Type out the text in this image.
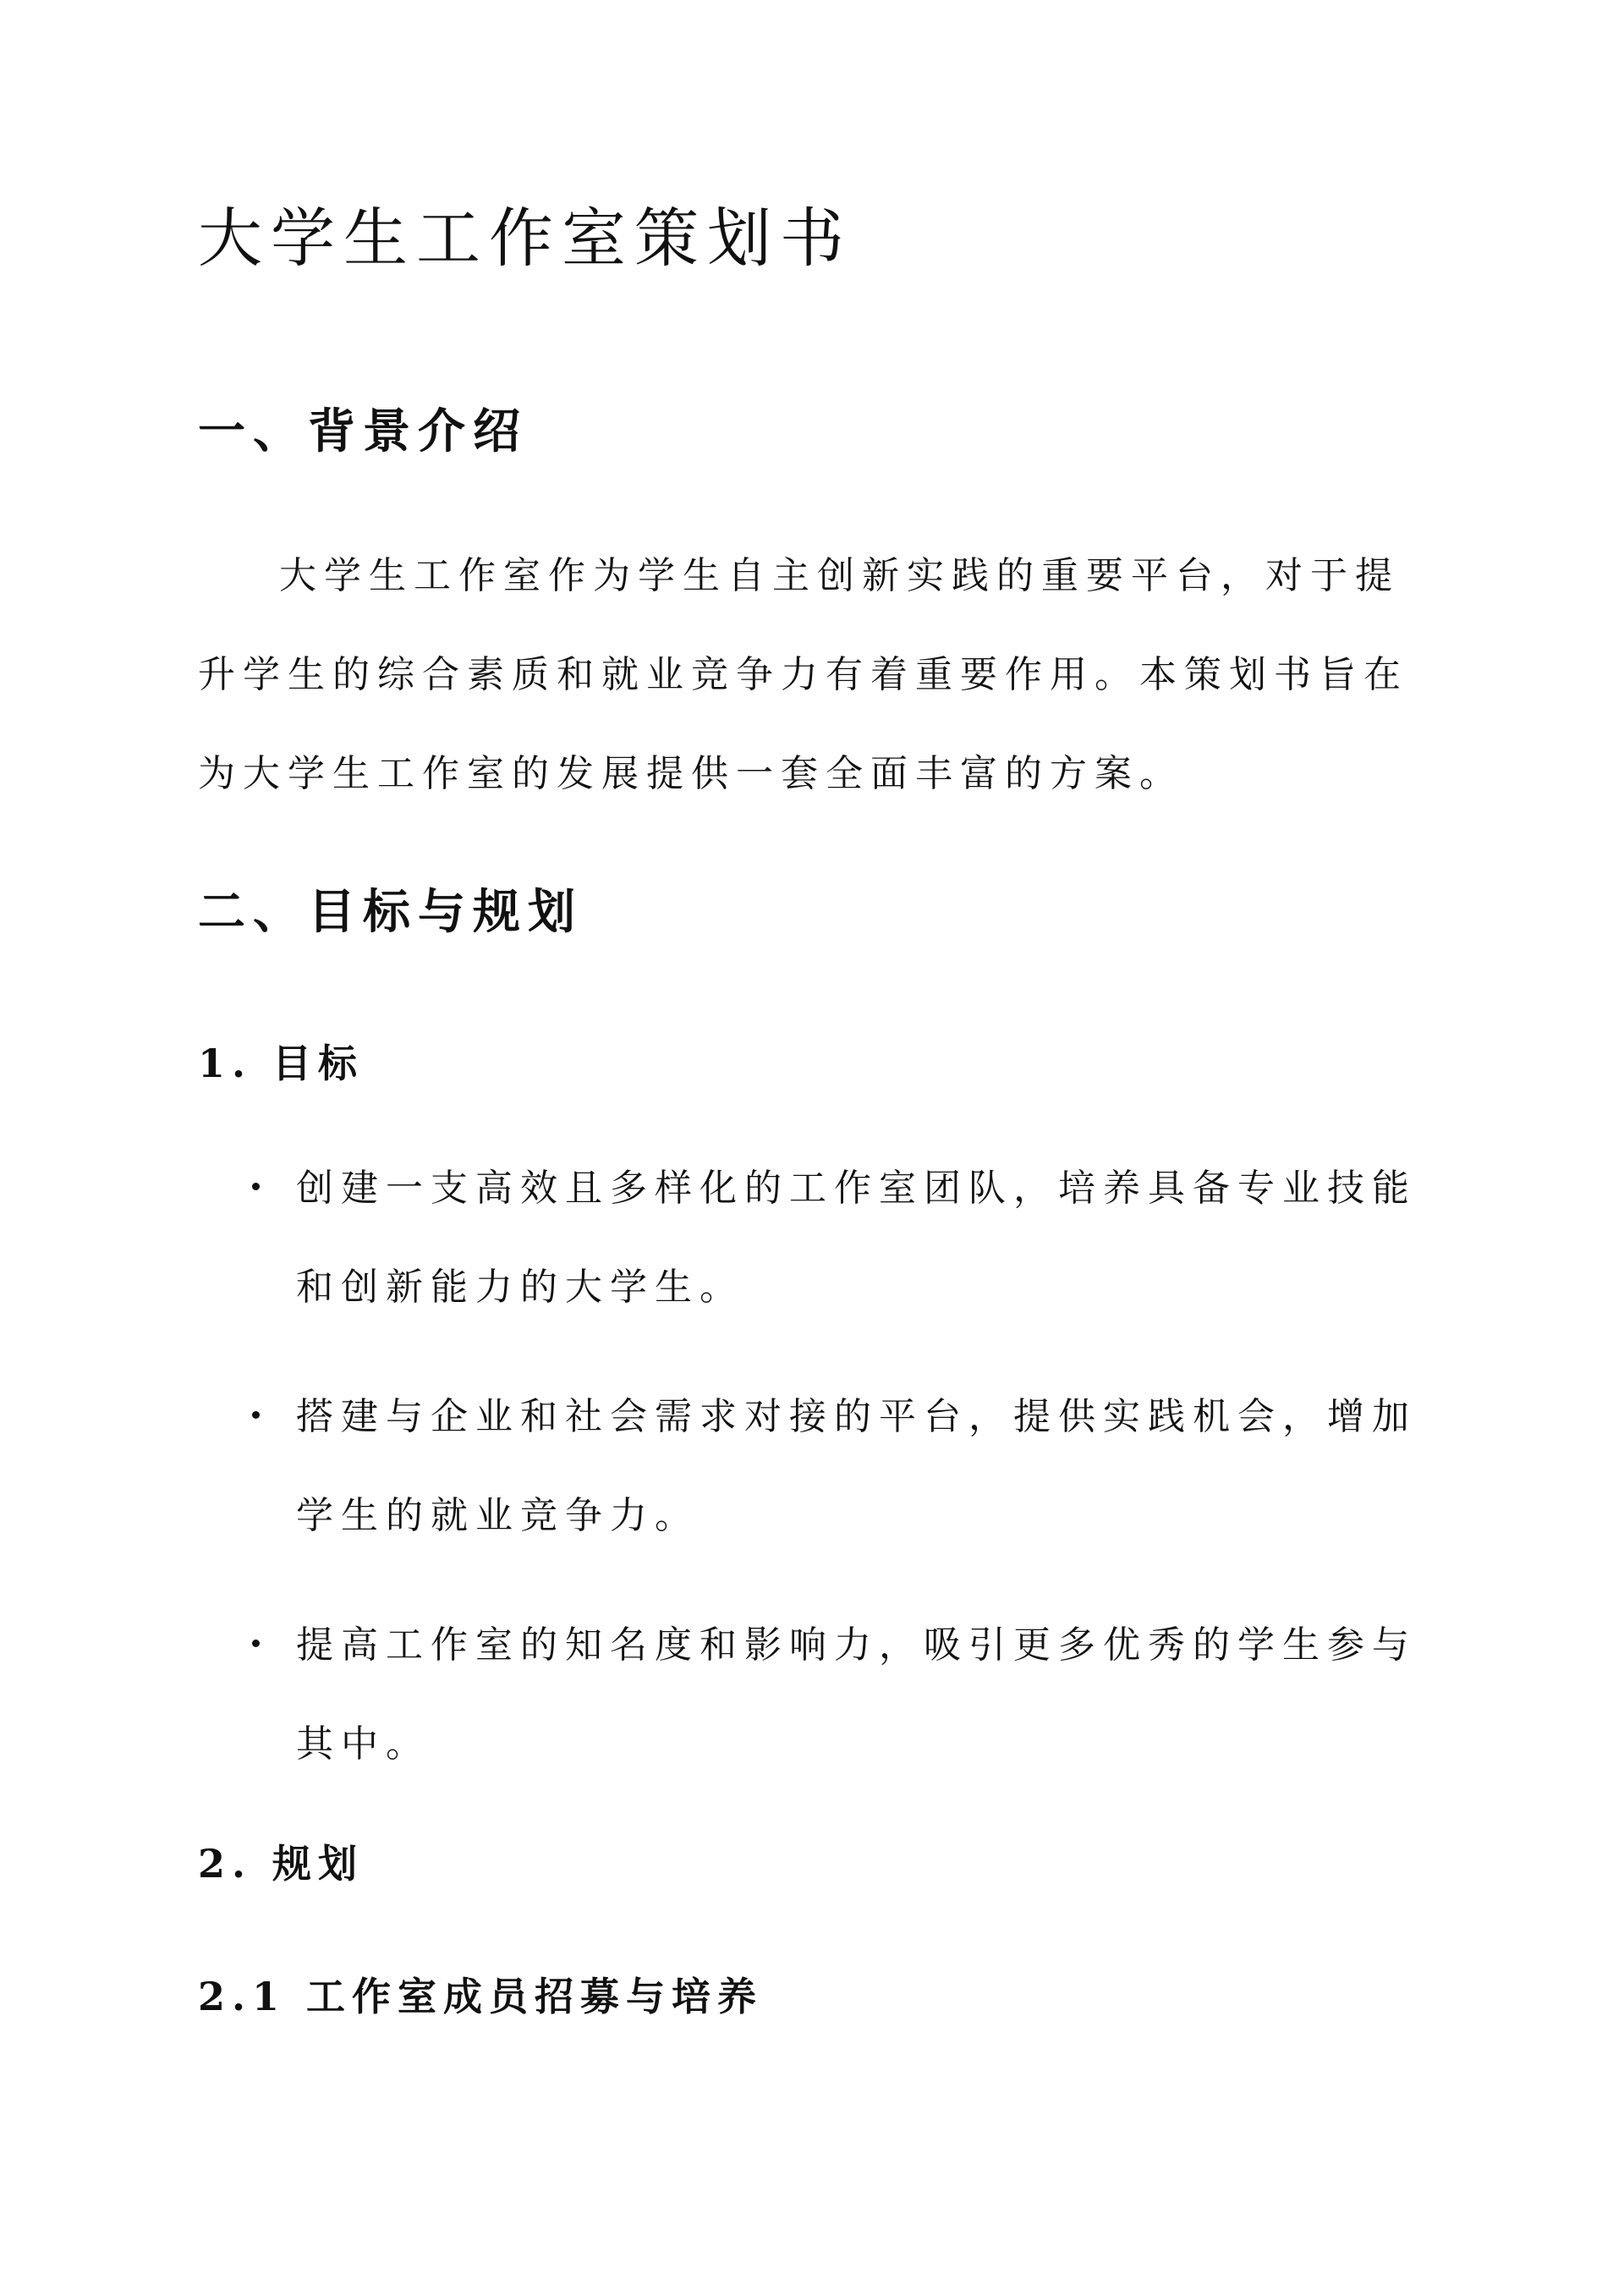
大学生工作室策划书
一、背景介绍

大学生工作室作为学生自主创新实践的重要平台，对于提升学生的综合素质和就业竞争力有着重要作用。本策划书旨在为大学生工作室的发展提供一套全面丰富的方案。

二、目标与规划
1. 目标
创建一支高效且多样化的工作室团队，培养具备专业技能和创新能力的大学生。
搭建与企业和社会需求对接的平台，提供实践机会，增加学生的就业竞争力。
提高工作室的知名度和影响力，吸引更多优秀的学生参与其中。
2. 规划
2.1 工作室成员招募与培养
